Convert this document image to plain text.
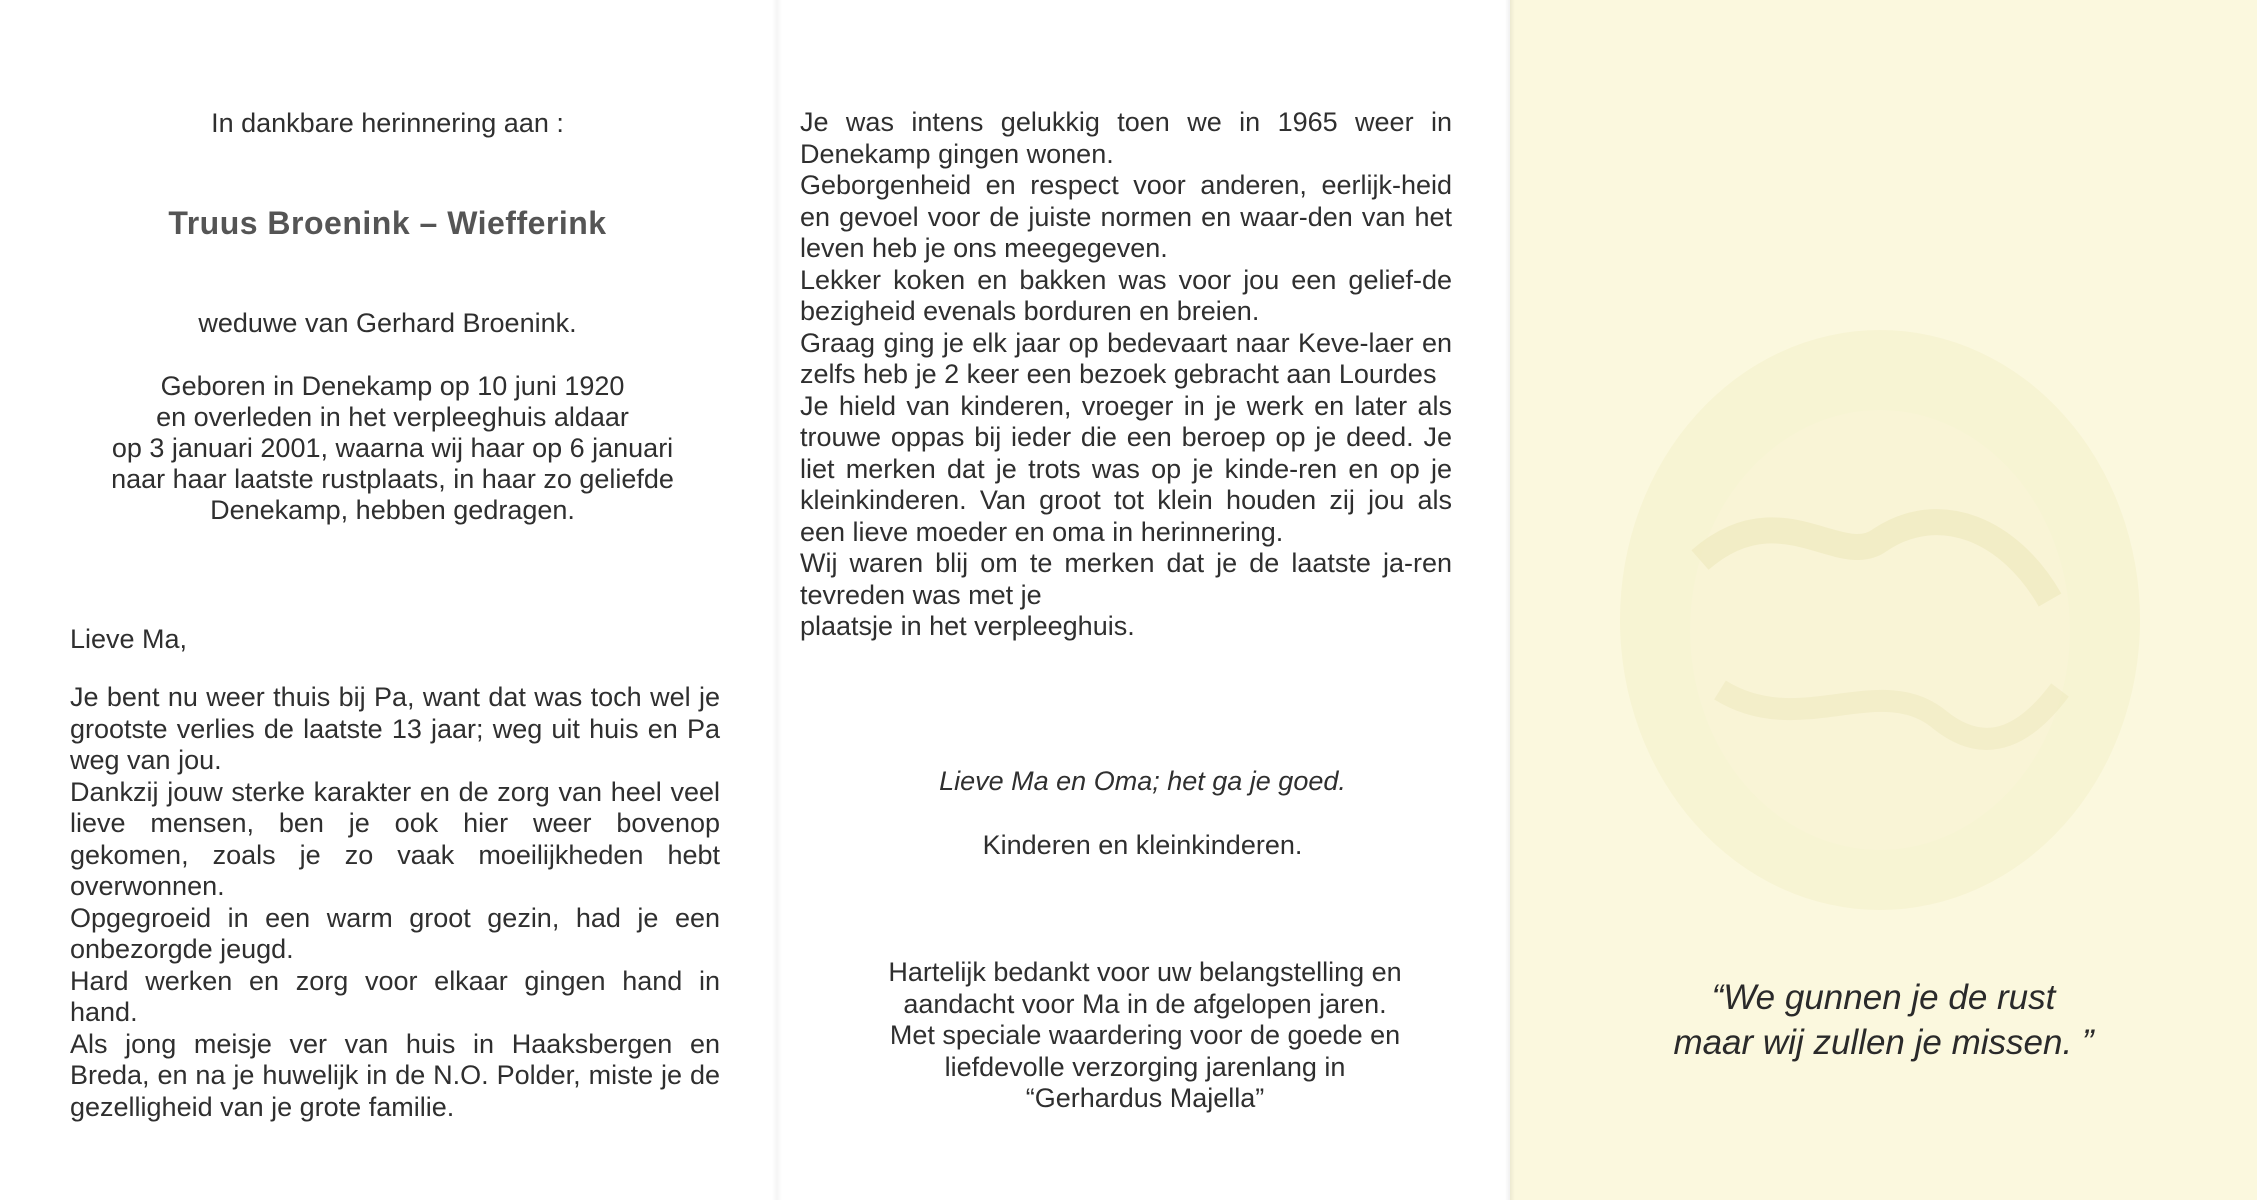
In dankbare herinnering aan :

Truus Broenink – Wiefferink

weduwe van Gerhard Broenink.

Geboren in Denekamp op 10 juni 1920
en overleden in het verpleeghuis aldaar
op 3 januari 2001, waarna wij haar op 6 januari
naar haar laatste rustplaats, in haar zo geliefde
Denekamp, hebben gedragen.

Lieve Ma,

Je bent nu weer thuis bij Pa, want dat was toch wel je grootste verlies de laatste 13 jaar; weg uit huis en Pa weg van jou.

Dankzij jouw sterke karakter en de zorg van heel veel lieve mensen, ben je ook hier weer bovenop gekomen, zoals je zo vaak moeilijkheden hebt overwonnen.

Opgegroeid in een warm groot gezin, had je een onbezorgde jeugd.

Hard werken en zorg voor elkaar gingen hand in hand.

Als jong meisje ver van huis in Haaksbergen en Breda, en na je huwelijk in de N.O. Polder, miste je de gezelligheid van je grote familie.

Je was intens gelukkig toen we in 1965 weer in Denekamp gingen wonen.

Geborgenheid en respect voor anderen, eerlijk-heid en gevoel voor de juiste normen en waar-den van het leven heb je ons meegegeven.

Lekker koken en bakken was voor jou een gelief-de bezigheid evenals borduren en breien.

Graag ging je elk jaar op bedevaart naar Keve-laer en zelfs heb je 2 keer een bezoek gebracht aan Lourdes

Je hield van kinderen, vroeger in je werk en later als trouwe oppas bij ieder die een beroep op je deed. Je liet merken dat je trots was op je kinde-ren en op je kleinkinderen. Van groot tot klein houden zij jou als een lieve moeder en oma in herinnering.

Wij waren blij om te merken dat je de laatste ja-ren tevreden was met je

plaatsje in het verpleeghuis.

Lieve Ma en Oma; het ga je goed.

Kinderen en kleinkinderen.

Hartelijk bedankt voor uw belangstelling en
aandacht voor Ma in de afgelopen jaren.
Met speciale waardering voor de goede en
liefdevolle verzorging jarenlang in
“Gerhardus Majella”
“We gunnen je de rust
maar wij zullen je missen. ”
